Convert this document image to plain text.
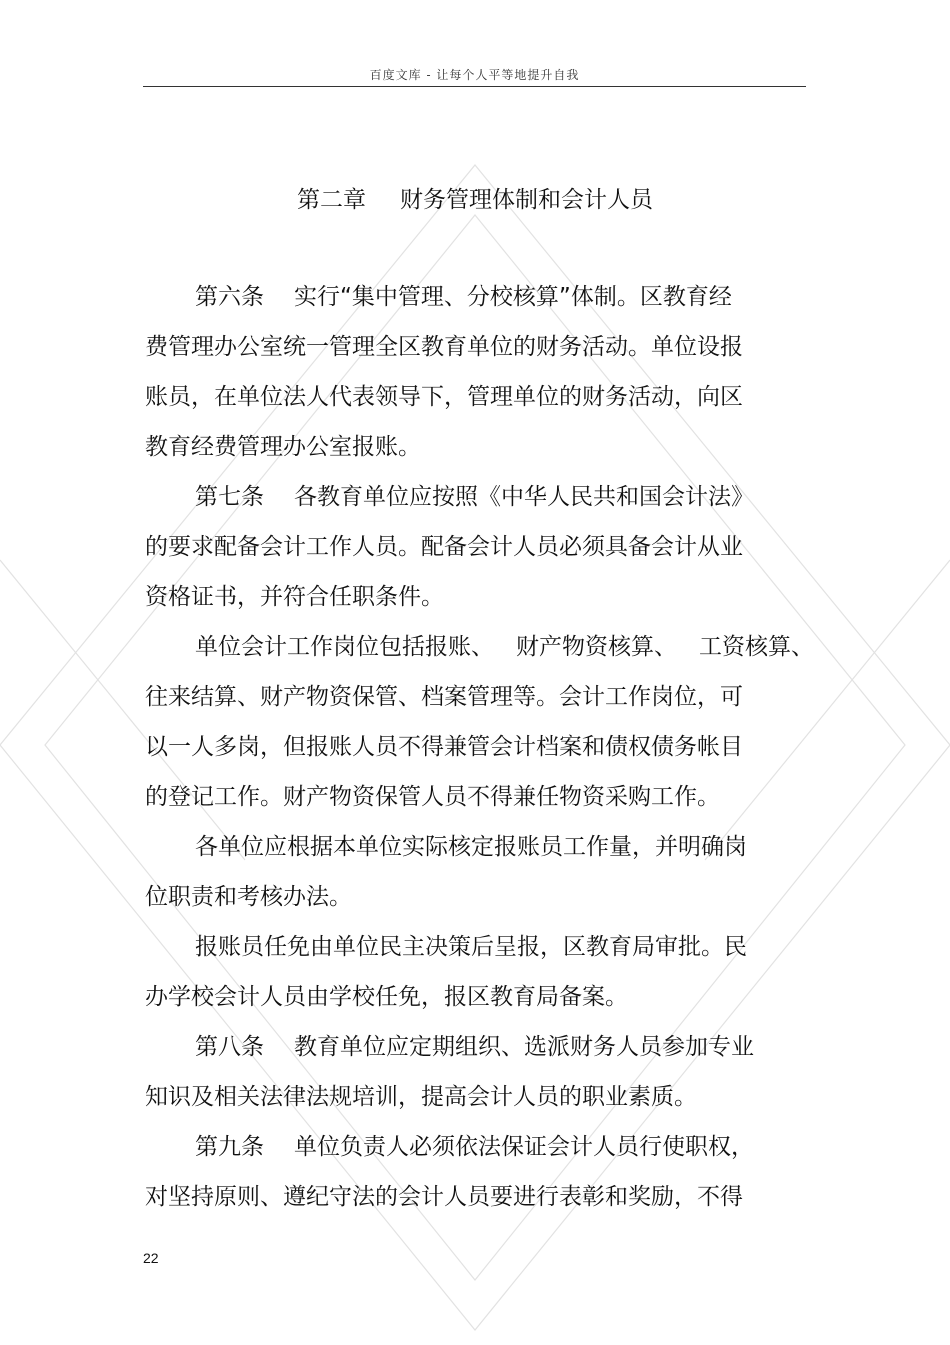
百度文库 - 让每个人平等地提升自我
第二章 财务管理体制和会计人员
第六条 实行“集中管理、分校核算”体制。区教育经
费管理办公室统一管理全区教育单位的财务活动。单位设报
账员，在单位法人代表领导下，管理单位的财务活动，向区
教育经费管理办公室报账。
第七条 各教育单位应按照《中华人民共和国会计法》
的要求配备会计工作人员。配备会计人员必须具备会计从业
资格证书，并符合任职条件。
单位会计工作岗位包括报账、 财产物资核算、 工资核算、
往来结算、财产物资保管、档案管理等。会计工作岗位，可
以一人多岗，但报账人员不得兼管会计档案和债权债务帐目
的登记工作。财产物资保管人员不得兼任物资采购工作。
各单位应根据本单位实际核定报账员工作量，并明确岗
位职责和考核办法。
报账员任免由单位民主决策后呈报，区教育局审批。民
办学校会计人员由学校任免，报区教育局备案。
第八条 教育单位应定期组织、选派财务人员参加专业
知识及相关法律法规培训，提高会计人员的职业素质。
第九条 单位负责人必须依法保证会计人员行使职权，
对坚持原则、遵纪守法的会计人员要进行表彰和奖励，不得
22
